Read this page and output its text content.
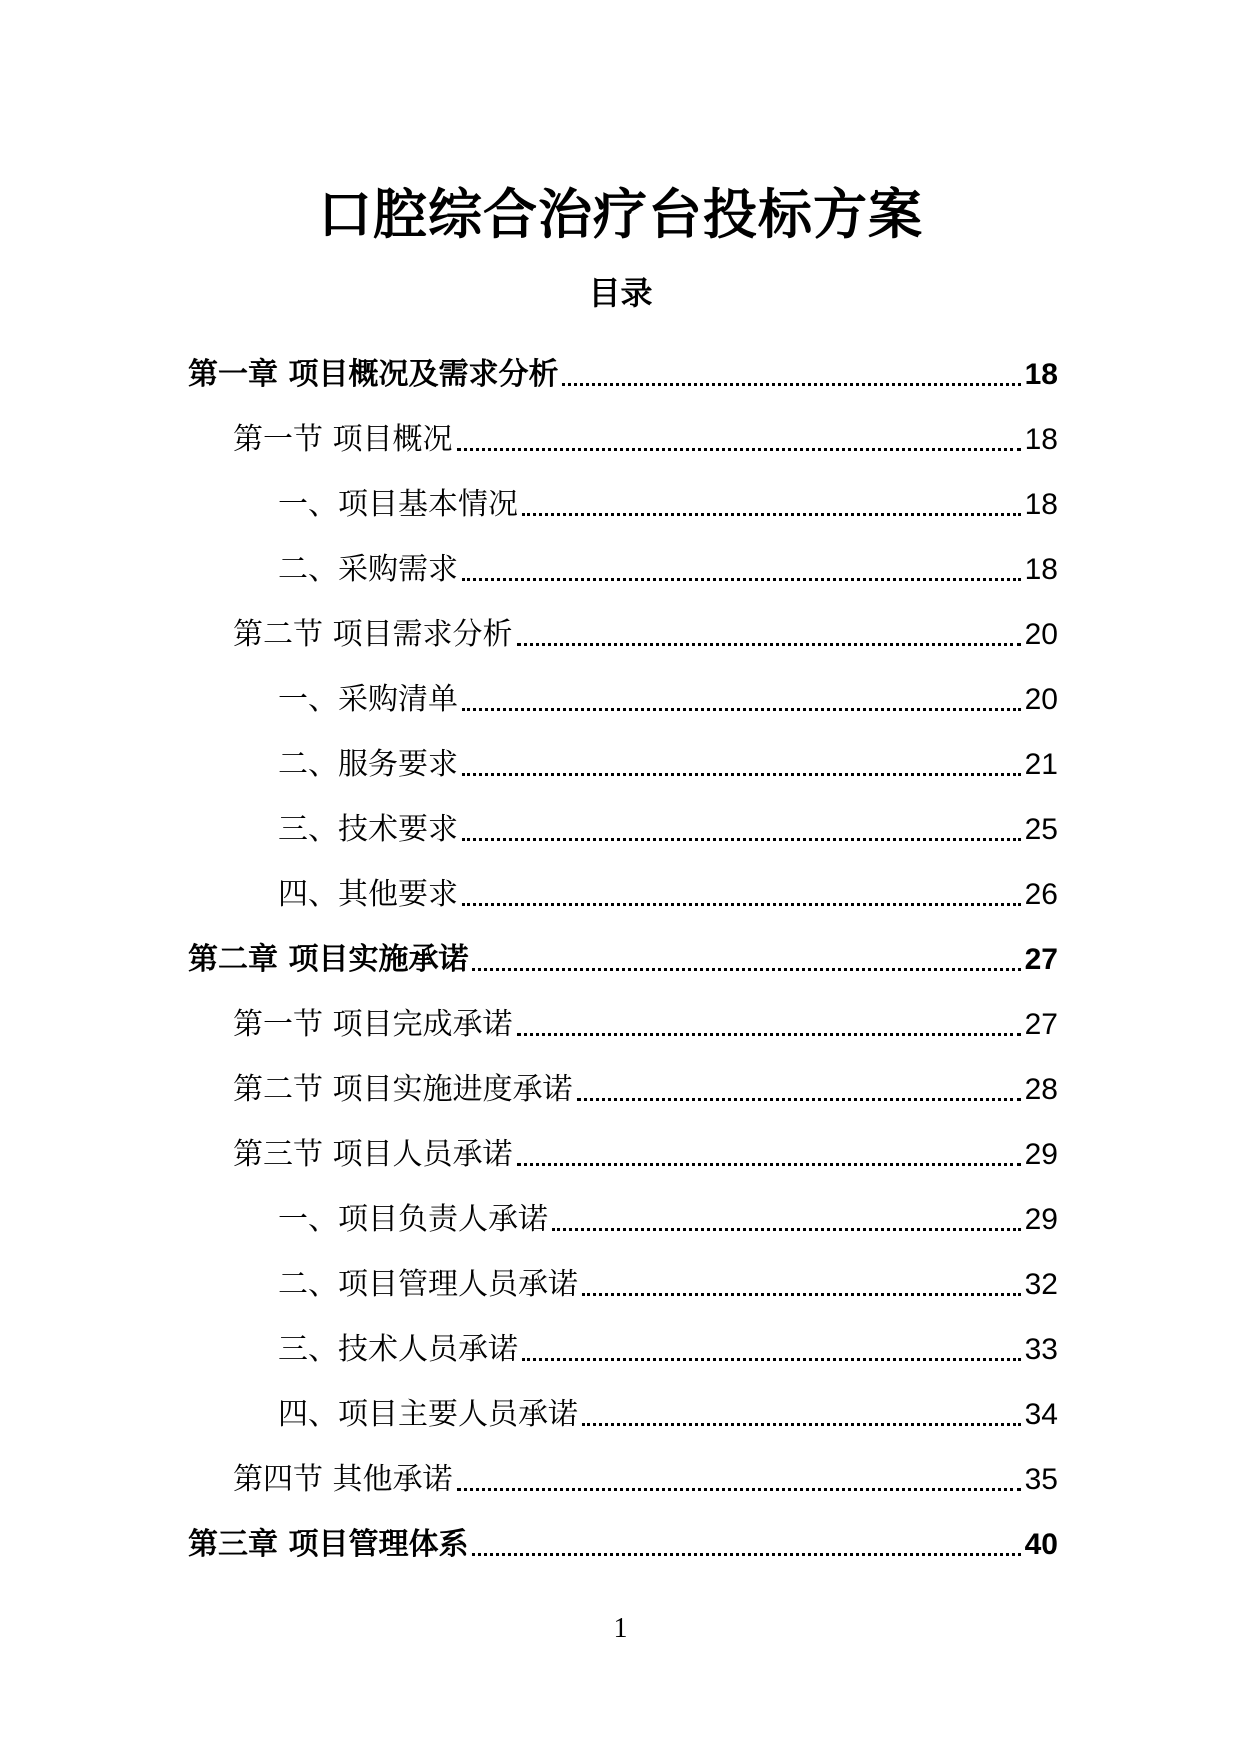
口腔综合治疗台投标方案
目录
第一章 项目概况及需求分析	18
第一节 项目概况	18
一、项目基本情况	18
二、采购需求	18
第二节 项目需求分析	20
一、采购清单	20
二、服务要求	21
三、技术要求	25
四、其他要求	26
第二章 项目实施承诺	27
第一节 项目完成承诺	27
第二节 项目实施进度承诺	28
第三节 项目人员承诺	29
一、项目负责人承诺	29
二、项目管理人员承诺	32
三、技术人员承诺	33
四、项目主要人员承诺	34
第四节 其他承诺	35
第三章 项目管理体系	40
1
